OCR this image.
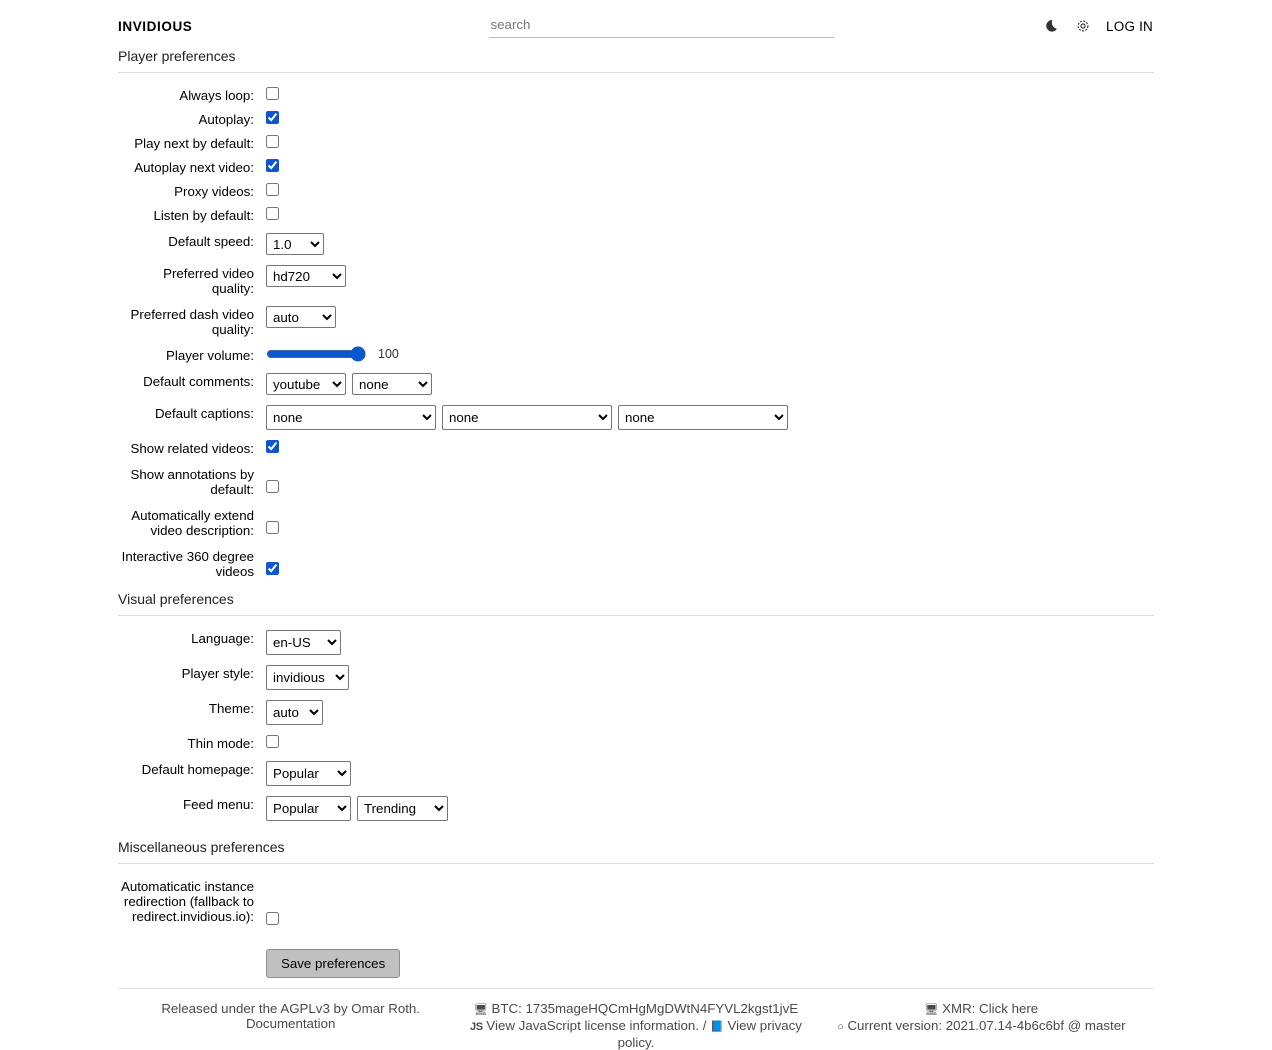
INVIDIOUS
search	LOG IN
Player preferences
Always loop:
Autoplay:
Play next by default:
Autoplay next video:
Proxy videos:
Listen by default:
Default speed:
1.0
Preferred video quality:
hd720
Preferred dash video quality:
auto
Player volume:	100
Default comments:
youtube
none
Default captions:
none
none
none
Show related videos:
Show annotations by default:
Automatically extend video description:
Interactive 360 degree videos
Visual preferences
Language:
en-US
Player style:
invidious
Theme:
auto
Thin mode:
Default homepage:
Popular
Feed menu:
Popular
Trending
Miscellaneous preferences
Automaticatic instance redirection (fallback to redirect.invidious.io):
Save preferences
Released under the AGPLv3 by Omar Roth.
Documentation
🖥 BTC: 1735mageHQCmHgMgDWtN4FYVL2kgst1jvE
JS View JavaScript license information. / 📘 View privacy policy.
🖥 XMR: Click here
○ Current version: 2021.07.14-4b6c6bf @ master
